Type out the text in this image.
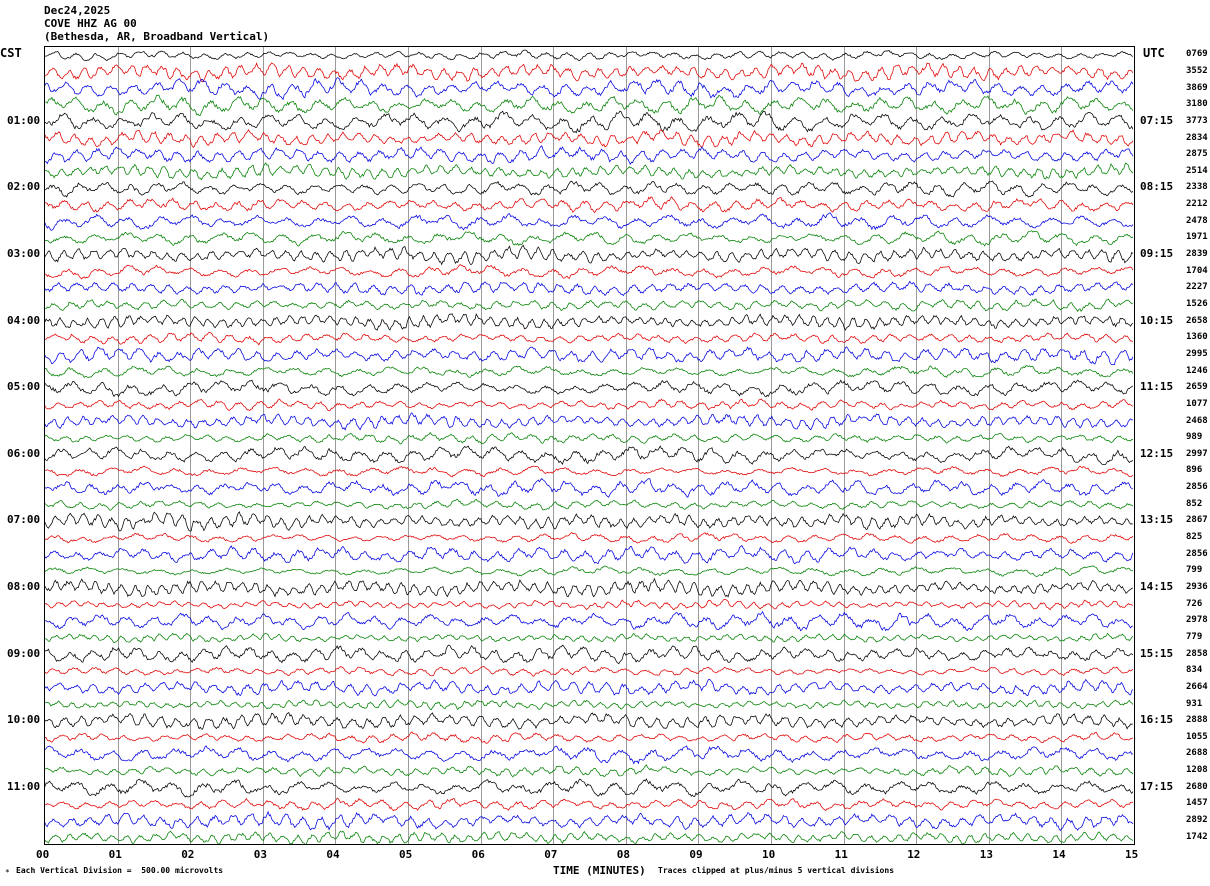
Dec24,2025
COVE HHZ AG 00
(Bethesda, AR, Broadband Vertical)
CST	UTC
01:00
02:00
03:00
04:00
05:00
06:00
07:00
08:00
09:00
10:00
11:00
07:15
08:15
09:15
10:15
11:15
12:15
13:15
14:15
15:15
16:15
17:15
0769
3552
3869
3180
3773
2834
2875
2514
2338
2212
2478
1971
2839
1704
2227
1526
2658
1360
2995
1246
2659
1077
2468
989
2997
896
2856
852
2867
825
2856
799
2936
726
2978
779
2858
834
2664
931
2888
1055
2688
1208
2680
1457
2892
1742
00	01	02	03	04	05	06	07	08	09	10	11	12	13	14	15
TIME (MINUTES)
* Each Vertical Division =  500.00 microvolts	Traces clipped at plus/minus 5 vertical divisions
